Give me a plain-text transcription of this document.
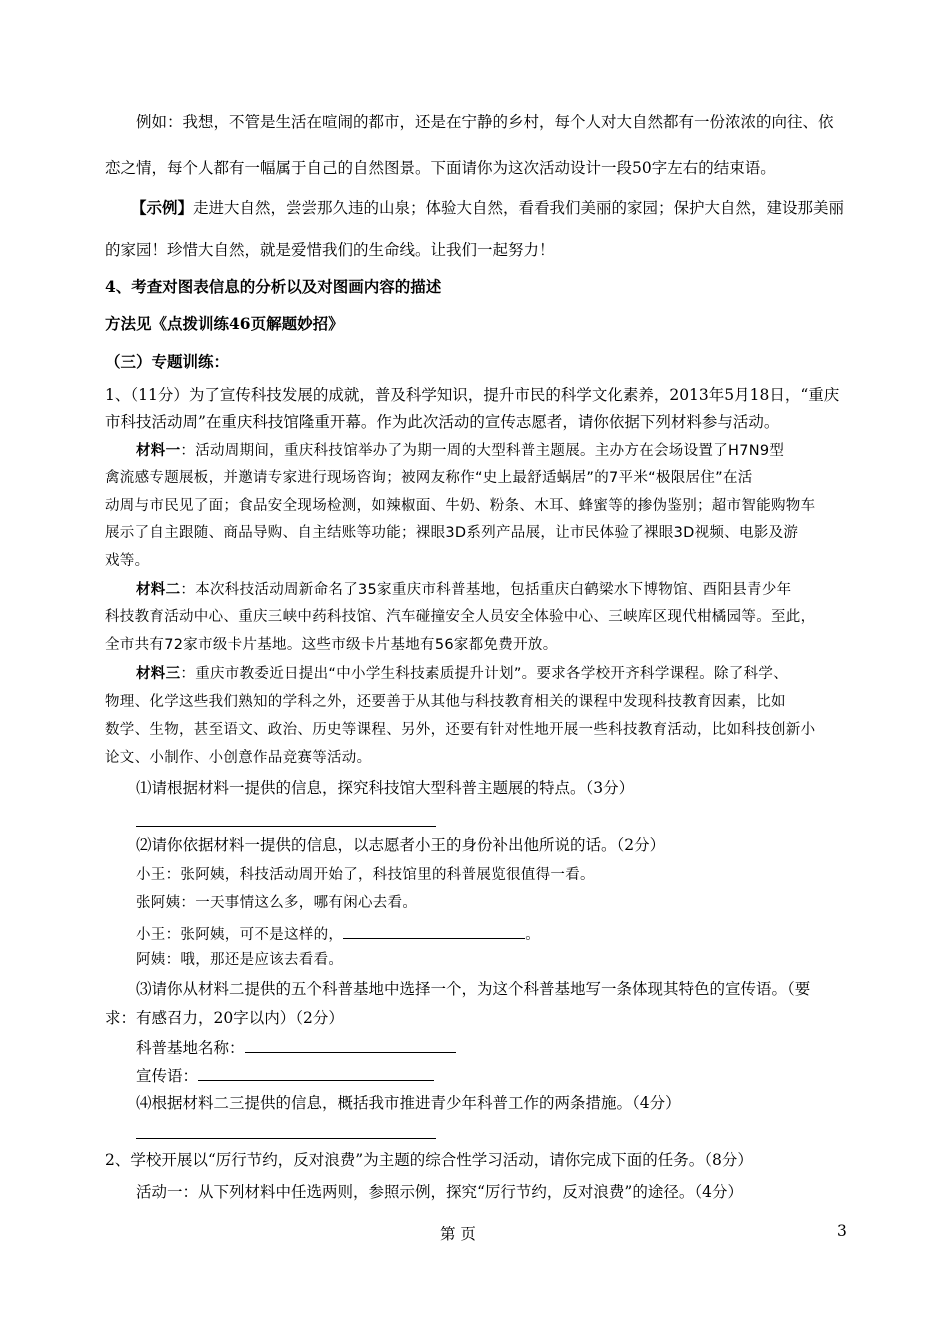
例如：我想，不管是生活在喧闹的都市，还是在宁静的乡村，每个人对大自然都有一份浓浓的向往、依
恋之情，每个人都有一幅属于自己的自然图景。下面请你为这次活动设计一段50字左右的结束语。
【示例】走进大自然，尝尝那久违的山泉；体验大自然，看看我们美丽的家园；保护大自然，建设那美丽
的家园！珍惜大自然，就是爱惜我们的生命线。让我们一起努力！
4、考查对图表信息的分析以及对图画内容的描述
方法见《点拨训练46页解题妙招》
（三）专题训练：
1、（11分）为了宣传科技发展的成就，普及科学知识，提升市民的科学文化素养，2013年5月18日，“重庆
市科技活动周”在重庆科技馆隆重开幕。作为此次活动的宣传志愿者，请你依据下列材料参与活动。
材料一：活动周期间，重庆科技馆举办了为期一周的大型科普主题展。主办方在会场设置了H7N9型
禽流感专题展板，并邀请专家进行现场咨询；被网友称作“史上最舒适蜗居”的7平米“极限居住”在活
动周与市民见了面；食品安全现场检测，如辣椒面、牛奶、粉条、木耳、蜂蜜等的掺伪鉴别；超市智能购物车
展示了自主跟随、商品导购、自主结账等功能；裸眼3D系列产品展，让市民体验了裸眼3D视频、电影及游
戏等。
材料二：本次科技活动周新命名了35家重庆市科普基地，包括重庆白鹤梁水下博物馆、酉阳县青少年
科技教育活动中心、重庆三峡中药科技馆、汽车碰撞安全人员安全体验中心、三峡库区现代柑橘园等。至此，
全市共有72家市级卡片基地。这些市级卡片基地有56家都免费开放。
材料三：重庆市教委近日提出“中小学生科技素质提升计划”。要求各学校开齐科学课程。除了科学、
物理、化学这些我们熟知的学科之外，还要善于从其他与科技教育相关的课程中发现科技教育因素，比如
数学、生物，甚至语文、政治、历史等课程、另外，还要有针对性地开展一些科技教育活动，比如科技创新小
论文、小制作、小创意作品竞赛等活动。
⑴请根据材料一提供的信息，探究科技馆大型科普主题展的特点。（3分）
⑵请你依据材料一提供的信息，以志愿者小王的身份补出他所说的话。（2分）
小王：张阿姨，科技活动周开始了，科技馆里的科普展览很值得一看。
张阿姨：一天事情这么多，哪有闲心去看。
小王：张阿姨，可不是这样的，	。
阿姨：哦，那还是应该去看看。
⑶请你从材料二提供的五个科普基地中选择一个，为这个科普基地写一条体现其特色的宣传语。（要
求：有感召力，20字以内）（2分）
科普基地名称：
宣传语：
⑷根据材料二三提供的信息，概括我市推进青少年科普工作的两条措施。（4分）
2、学校开展以“厉行节约，反对浪费”为主题的综合性学习活动，请你完成下面的任务。（8分）
活动一：从下列材料中任选两则，参照示例，探究“厉行节约，反对浪费”的途径。（4分）
第 页	3
